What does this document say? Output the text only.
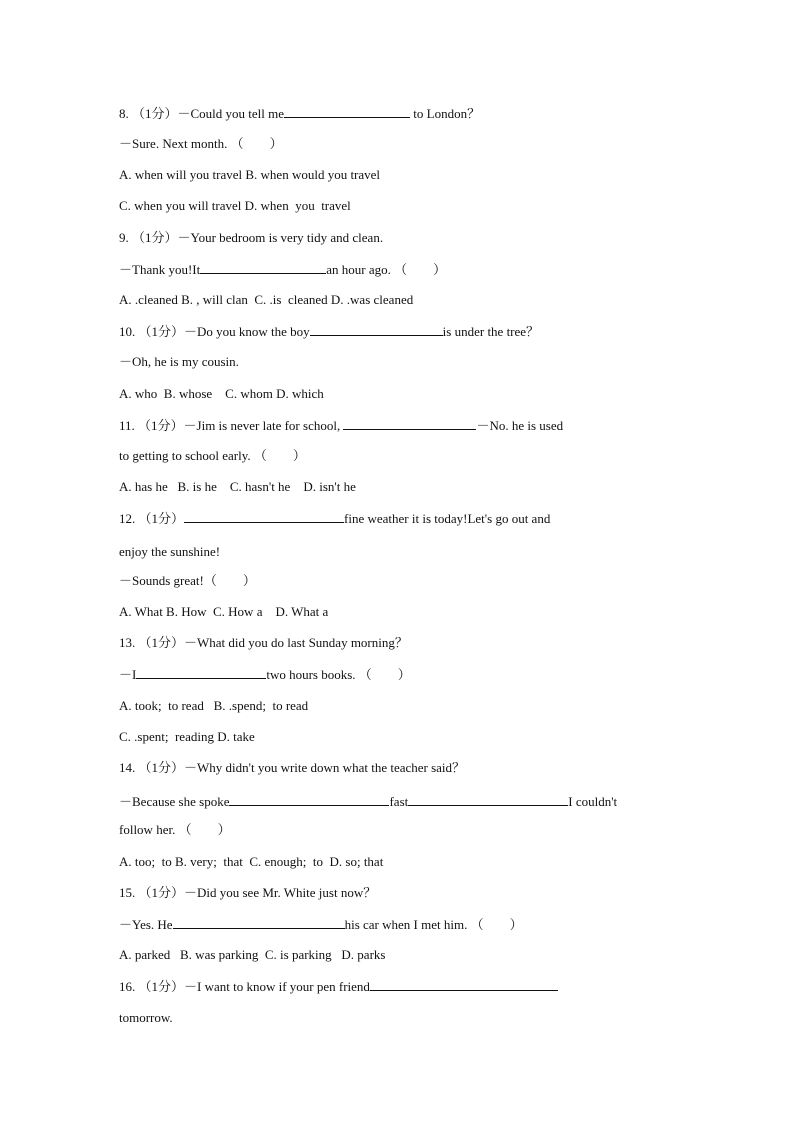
8. （1分）－Could you tell me	to London？
－Sure. Next month. （　　）
A. when will you travel B. when would you travel
C. when you will travel D. when  you  travel
9. （1分）－Your bedroom is very tidy and clean.
－Thank you!It	an hour ago. （　　）
A. .cleaned B. , will clan  C. .is  cleaned D. .was cleaned
10. （1分）－Do you know the boy	is under the tree？
－Oh, he is my cousin.
A. who  B. whose    C. whom D. which
11. （1分）－Jim is never late for school,	－No. he is used
to getting to school early. （　　）
A. has he   B. is he    C. hasn't he    D. isn't he
12. （1分）	fine weather it is today!Let's go out and
enjoy the sunshine!
－Sounds great!（　　）
A. What B. How  C. How a    D. What a
13. （1分）－What did you do last Sunday morning？
－I	two hours books. （　　）
A. took;  to read   B. .spend;  to read
C. .spent;  reading D. take
14. （1分）－Why didn't you write down what the teacher said？
－Because she spoke	fast	I couldn't
follow her. （　　）
A. too;  to B. very;  that  C. enough;  to  D. so; that
15. （1分）－Did you see Mr. White just now？
－Yes. He	his car when I met him. （　　）
A. parked   B. was parking  C. is parking   D. parks
16. （1分）－I want to know if your pen friend
tomorrow.
